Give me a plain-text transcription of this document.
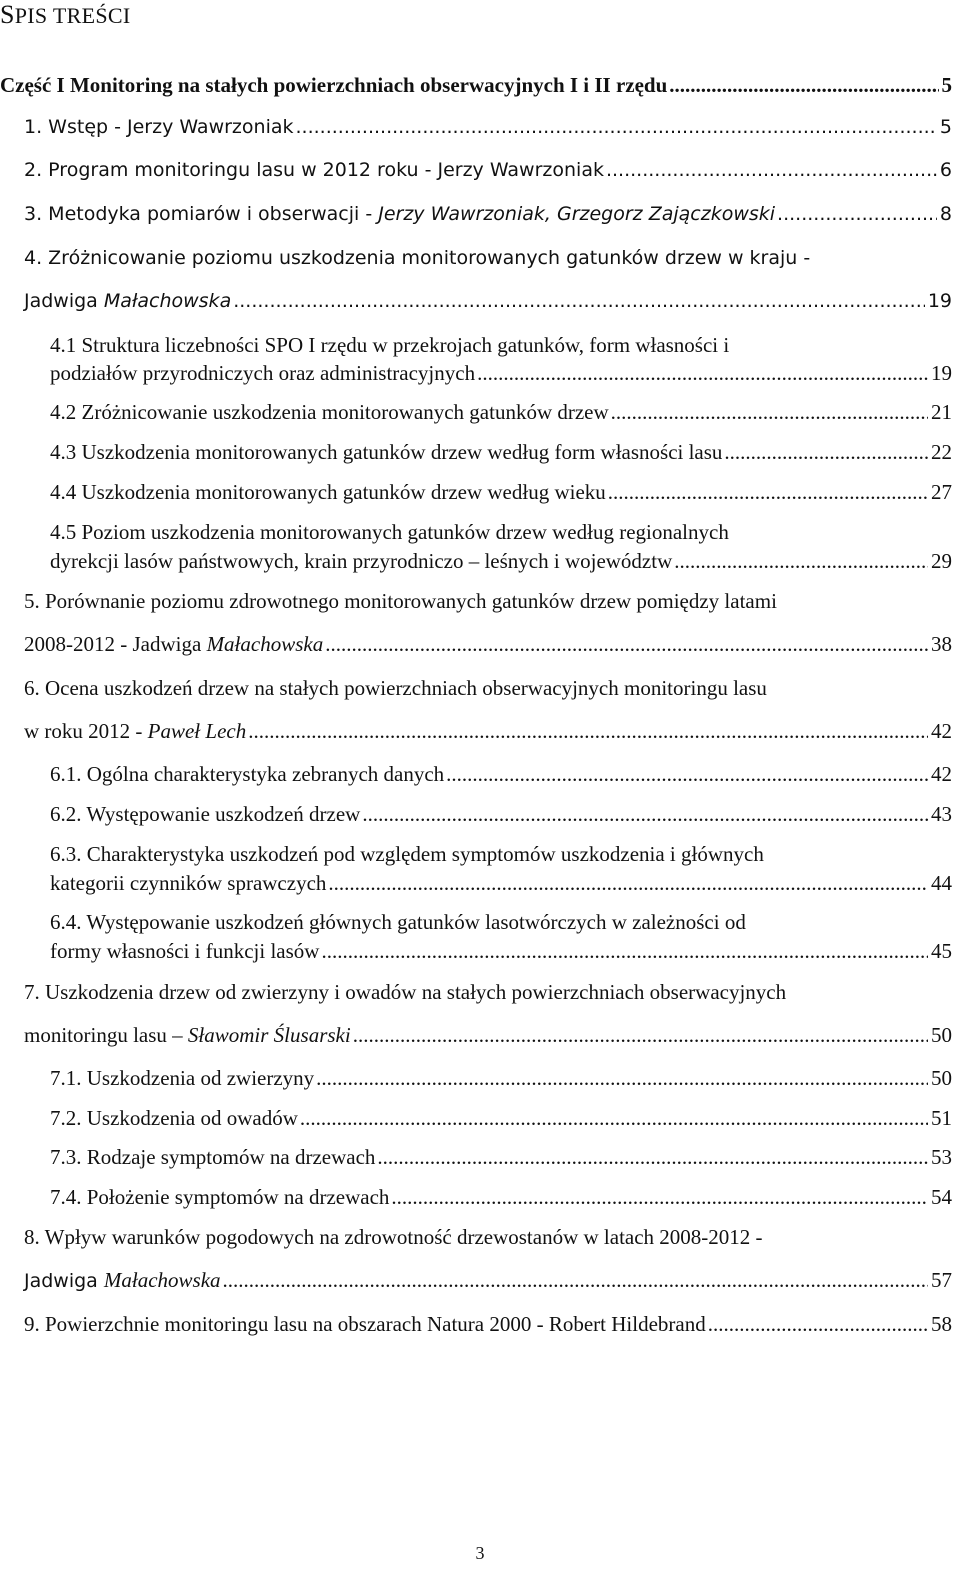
SPIS TREŚCI
Część I Monitoring na stałych powierzchniach obserwacyjnych I i II rzędu .....	5
1. Wstęp - Jerzy Wawrzoniak .....	5
2. Program monitoringu lasu w 2012 roku - Jerzy Wawrzoniak .....	6
3. Metodyka pomiarów i obserwacji - Jerzy Wawrzoniak, Grzegorz Zajączkowski .....	8
4. Zróżnicowanie poziomu uszkodzenia monitorowanych gatunków drzew w kraju -
Jadwiga Małachowska .....	19
4.1 Struktura liczebności SPO I rzędu w przekrojach gatunków, form własności i
podziałów przyrodniczych oraz administracyjnych .....	19
4.2 Zróżnicowanie uszkodzenia monitorowanych gatunków drzew .....	21
4.3 Uszkodzenia monitorowanych gatunków drzew według form własności lasu .....	22
4.4 Uszkodzenia monitorowanych gatunków drzew według wieku .....	27
4.5 Poziom uszkodzenia monitorowanych gatunków drzew według regionalnych
dyrekcji lasów państwowych, krain przyrodniczo – leśnych i województw .....	29
5. Porównanie poziomu zdrowotnego monitorowanych gatunków drzew pomiędzy latami
2008-2012 - Jadwiga Małachowska .....	38
6. Ocena uszkodzeń drzew na stałych powierzchniach obserwacyjnych monitoringu lasu
w roku 2012 - Paweł Lech .....	42
6.1. Ogólna charakterystyka zebranych danych .....	42
6.2. Występowanie uszkodzeń drzew .....	43
6.3. Charakterystyka uszkodzeń pod względem symptomów uszkodzenia i głównych
kategorii czynników sprawczych .....	44
6.4. Występowanie uszkodzeń głównych gatunków lasotwórczych w zależności od
formy własności i funkcji lasów .....	45
7. Uszkodzenia drzew od zwierzyny i owadów na stałych powierzchniach obserwacyjnych
monitoringu lasu – Sławomir Ślusarski .....	50
7.1. Uszkodzenia od zwierzyny .....	50
7.2. Uszkodzenia od owadów .....	51
7.3. Rodzaje symptomów na drzewach .....	53
7.4. Położenie symptomów na drzewach .....	54
8. Wpływ warunków pogodowych na zdrowotność drzewostanów w latach 2008-2012 -
Jadwiga Małachowska .....	57
9. Powierzchnie monitoringu lasu na obszarach Natura 2000 - Robert Hildebrand .....	58
3
